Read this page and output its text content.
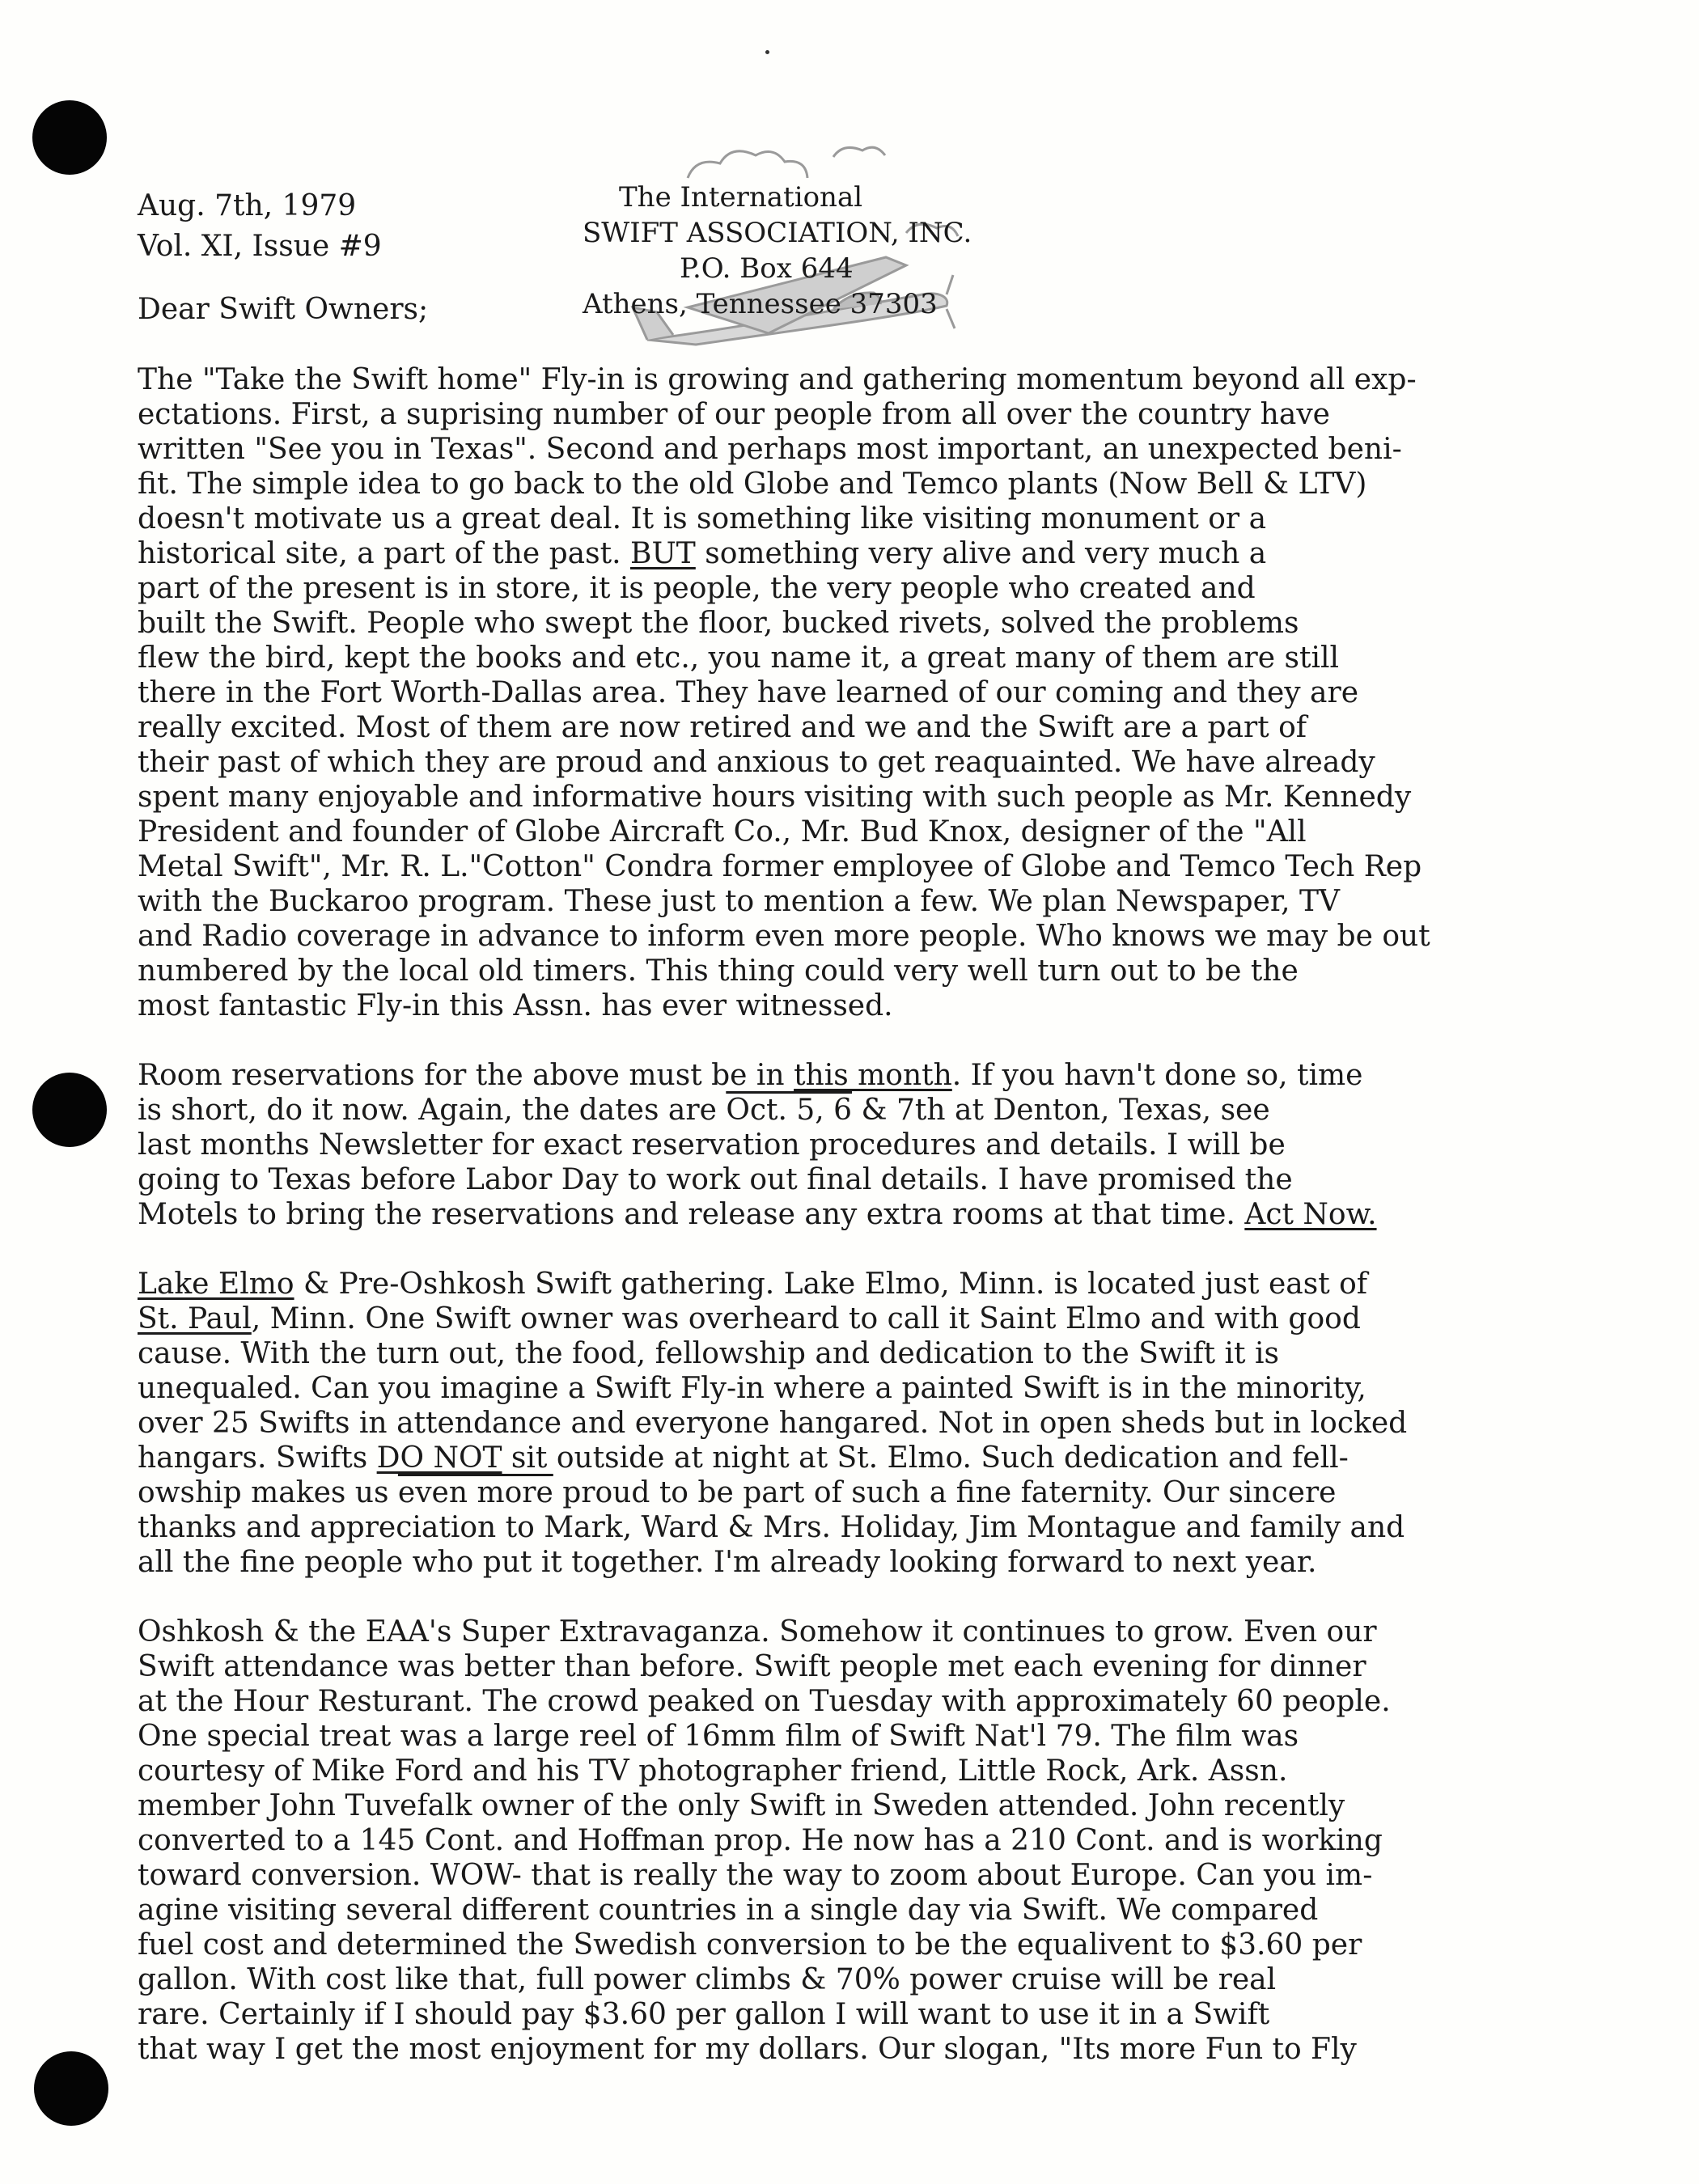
Aug. 7th, 1979
Vol. XI, Issue #9
Dear Swift Owners;
The International
SWIFT ASSOCIATION, INC.
P.O. Box 644
Athens, Tennessee 37303
The "Take the Swift home" Fly-in is growing and gathering momentum beyond all exp-
ectations. First, a suprising number of our people from all over the country have
written "See you in Texas". Second and perhaps most important, an unexpected beni-
fit. The simple idea to go back to the old Globe and Temco plants (Now Bell & LTV)
doesn't motivate us a great deal. It is something like visiting monument or a
historical site, a part of the past. BUT something very alive and very much a
part of the present is in store, it is people, the very people who created and
built the Swift. People who swept the floor, bucked rivets, solved the problems
flew the bird, kept the books and etc., you name it, a great many of them are still
there in the Fort Worth-Dallas area. They have learned of our coming and they are
really excited. Most of them are now retired and we and the Swift are a part of
their past of which they are proud and anxious to get reaquainted. We have already
spent many enjoyable and informative hours visiting with such people as Mr. Kennedy
President and founder of Globe Aircraft Co., Mr. Bud Knox, designer of the "All
Metal Swift", Mr. R. L."Cotton" Condra former employee of Globe and Temco Tech Rep
with the Buckaroo program. These just to mention a few. We plan Newspaper, TV
and Radio coverage in advance to inform even more people. Who knows we may be out
numbered by the local old timers. This thing could very well turn out to be the
most fantastic Fly-in this Assn. has ever witnessed.
Room reservations for the above must be in this month. If you havn't done so, time
is short, do it now. Again, the dates are Oct. 5, 6 & 7th at Denton, Texas, see
last months Newsletter for exact reservation procedures and details. I will be
going to Texas before Labor Day to work out final details. I have promised the
Motels to bring the reservations and release any extra rooms at that time. Act Now.
Lake Elmo & Pre-Oshkosh Swift gathering. Lake Elmo, Minn. is located just east of
St. Paul, Minn. One Swift owner was overheard to call it Saint Elmo and with good
cause. With the turn out, the food, fellowship and dedication to the Swift it is
unequaled. Can you imagine a Swift Fly-in where a painted Swift is in the minority,
over 25 Swifts in attendance and everyone hangared. Not in open sheds but in locked
hangars. Swifts DO NOT sit outside at night at St. Elmo. Such dedication and fell-
owship makes us even more proud to be part of such a fine faternity. Our sincere
thanks and appreciation to Mark, Ward & Mrs. Holiday, Jim Montague and family and
all the fine people who put it together. I'm already looking forward to next year.
Oshkosh & the EAA's Super Extravaganza. Somehow it continues to grow. Even our
Swift attendance was better than before. Swift people met each evening for dinner
at the Hour Resturant. The crowd peaked on Tuesday with approximately 60 people.
One special treat was a large reel of 16mm film of Swift Nat'l 79. The film was
courtesy of Mike Ford and his TV photographer friend, Little Rock, Ark. Assn.
member John Tuvefalk owner of the only Swift in Sweden attended. John recently
converted to a 145 Cont. and Hoffman prop. He now has a 210 Cont. and is working
toward conversion. WOW- that is really the way to zoom about Europe. Can you im-
agine visiting several different countries in a single day via Swift. We compared
fuel cost and determined the Swedish conversion to be the equalivent to $3.60 per
gallon. With cost like that, full power climbs & 70% power cruise will be real
rare. Certainly if I should pay $3.60 per gallon I will want to use it in a Swift
that way I get the most enjoyment for my dollars. Our slogan, "Its more Fun to Fly
